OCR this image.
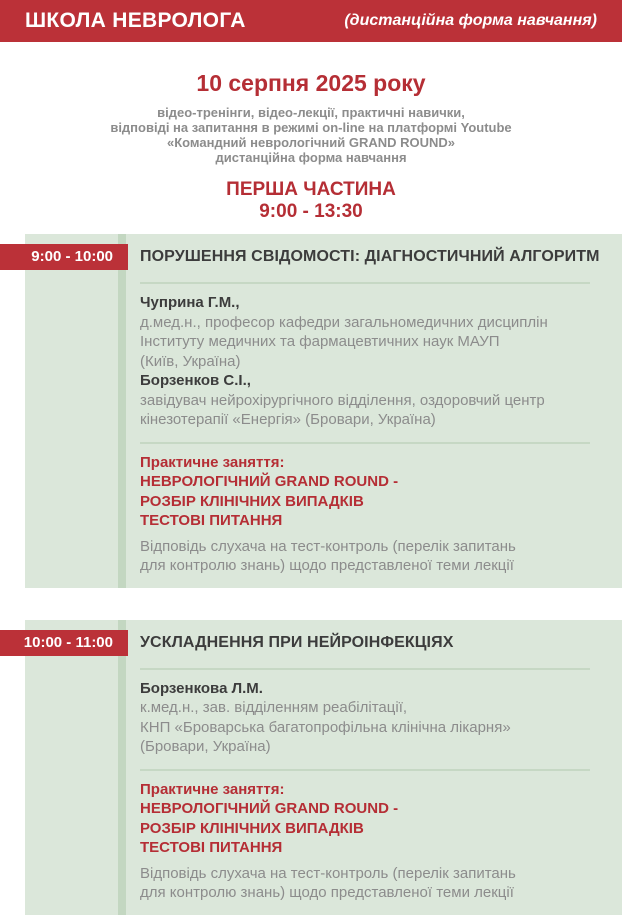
ШКОЛА НЕВРОЛОГА	(дистанційна форма навчання)
10 серпня 2025 року
відео-тренінги, відео-лекції, практичні навички,
відповіді на запитання в режимі on-line на платформі Youtube
«Командний неврологічний GRAND ROUND»
дистанційна форма навчання
ПЕРША ЧАСТИНА
9:00 - 13:30
9:00 - 10:00	ПОРУШЕННЯ СВІДОМОСТІ: ДІАГНОСТИЧНИЙ АЛГОРИТМ
Чуприна Г.М.,
д.мед.н., професор кафедри загальномедичних дисциплін
Інституту медичних та фармацевтичних наук МАУП
(Київ, Україна)
Борзенков С.І.,
завідувач нейрохірургічного відділення, оздоровчий центр
кінезотерапії «Енергія» (Бровари, Україна)
Практичне заняття:
НЕВРОЛОГІЧНИЙ GRAND ROUND -
РОЗБІР КЛІНІЧНИХ ВИПАДКІВ
ТЕСТОВІ ПИТАННЯ
Відповідь слухача на тест-контроль (перелік запитань
для контролю знань) щодо представленої теми лекції
10:00 - 11:00	УСКЛАДНЕННЯ ПРИ НЕЙРОІНФЕКЦІЯХ
Борзенкова Л.М.
к.мед.н., зав. відділенням реабілітації,
КНП «Броварська багатопрофільна клінічна лікарня»
(Бровари, Україна)
Практичне заняття:
НЕВРОЛОГІЧНИЙ GRAND ROUND -
РОЗБІР КЛІНІЧНИХ ВИПАДКІВ
ТЕСТОВІ ПИТАННЯ
Відповідь слухача на тест-контроль (перелік запитань
для контролю знань) щодо представленої теми лекції
